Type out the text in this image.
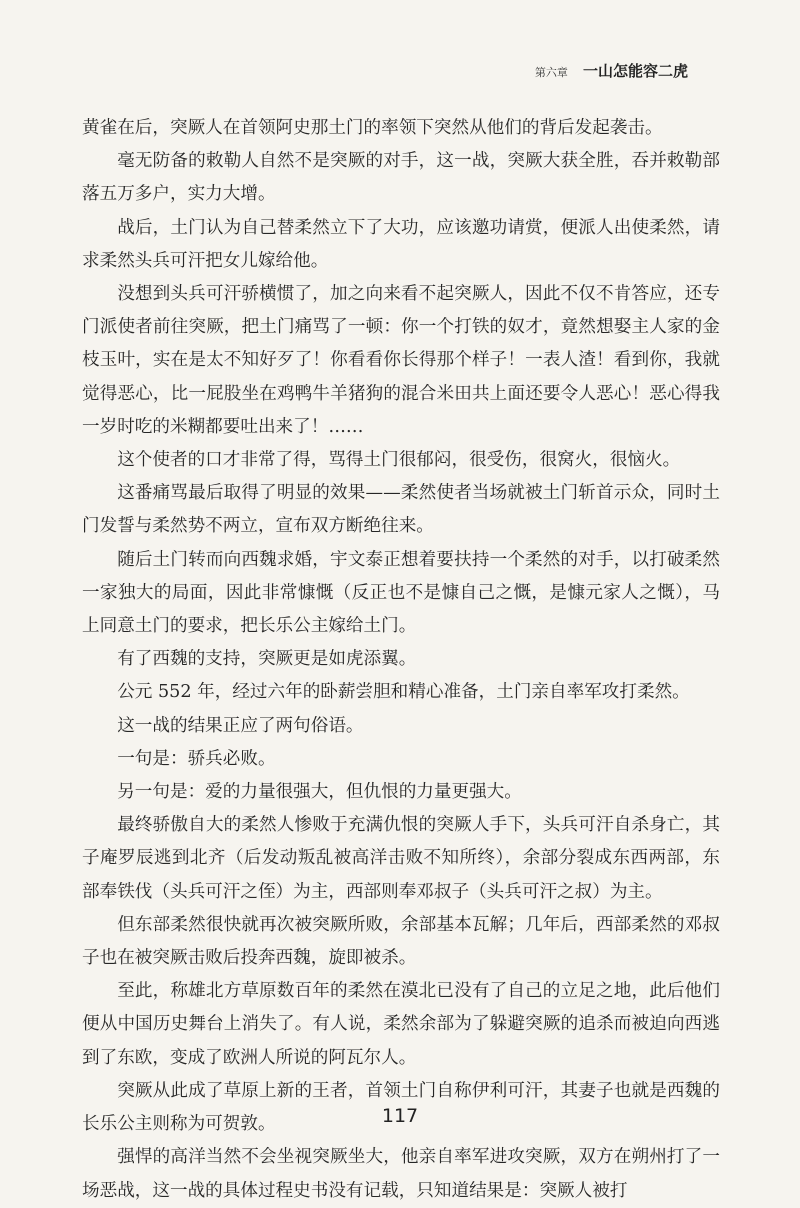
第六章 一山怎能容二虎

黄雀在后，突厥人在首领阿史那土门的率领下突然从他们的背后发起袭击。

毫无防备的敕勒人自然不是突厥的对手，这一战，突厥大获全胜，吞并敕勒部落五万多户，实力大增。

战后，土门认为自己替柔然立下了大功，应该邀功请赏，便派人出使柔然，请求柔然头兵可汗把女儿嫁给他。

没想到头兵可汗骄横惯了，加之向来看不起突厥人，因此不仅不肯答应，还专门派使者前往突厥，把土门痛骂了一顿：你一个打铁的奴才，竟然想娶主人家的金枝玉叶，实在是太不知好歹了！你看看你长得那个样子！一表人渣！看到你，我就觉得恶心，比一屁股坐在鸡鸭牛羊猪狗的混合米田共上面还要令人恶心！恶心得我一岁时吃的米糊都要吐出来了！……

这个使者的口才非常了得，骂得土门很郁闷，很受伤，很窝火，很恼火。

这番痛骂最后取得了明显的效果——柔然使者当场就被土门斩首示众，同时土门发誓与柔然势不两立，宣布双方断绝往来。

随后土门转而向西魏求婚，宇文泰正想着要扶持一个柔然的对手，以打破柔然一家独大的局面，因此非常慷慨（反正也不是慷自己之慨，是慷元家人之慨），马上同意土门的要求，把长乐公主嫁给土门。

有了西魏的支持，突厥更是如虎添翼。

公元 552 年，经过六年的卧薪尝胆和精心准备，土门亲自率军攻打柔然。

这一战的结果正应了两句俗语。

一句是：骄兵必败。

另一句是：爱的力量很强大，但仇恨的力量更强大。

最终骄傲自大的柔然人惨败于充满仇恨的突厥人手下，头兵可汗自杀身亡，其子庵罗辰逃到北齐（后发动叛乱被高洋击败不知所终），余部分裂成东西两部，东部奉铁伐（头兵可汗之侄）为主，西部则奉邓叔子（头兵可汗之叔）为主。

但东部柔然很快就再次被突厥所败，余部基本瓦解；几年后，西部柔然的邓叔子也在被突厥击败后投奔西魏，旋即被杀。

至此，称雄北方草原数百年的柔然在漠北已没有了自己的立足之地，此后他们便从中国历史舞台上消失了。有人说，柔然余部为了躲避突厥的追杀而被迫向西逃到了东欧，变成了欧洲人所说的阿瓦尔人。

突厥从此成了草原上新的王者，首领土门自称伊利可汗，其妻子也就是西魏的长乐公主则称为可贺敦。

强悍的高洋当然不会坐视突厥坐大，他亲自率军进攻突厥，双方在朔州打了一场恶战，这一战的具体过程史书没有记载，只知道结果是：突厥人被打

117
